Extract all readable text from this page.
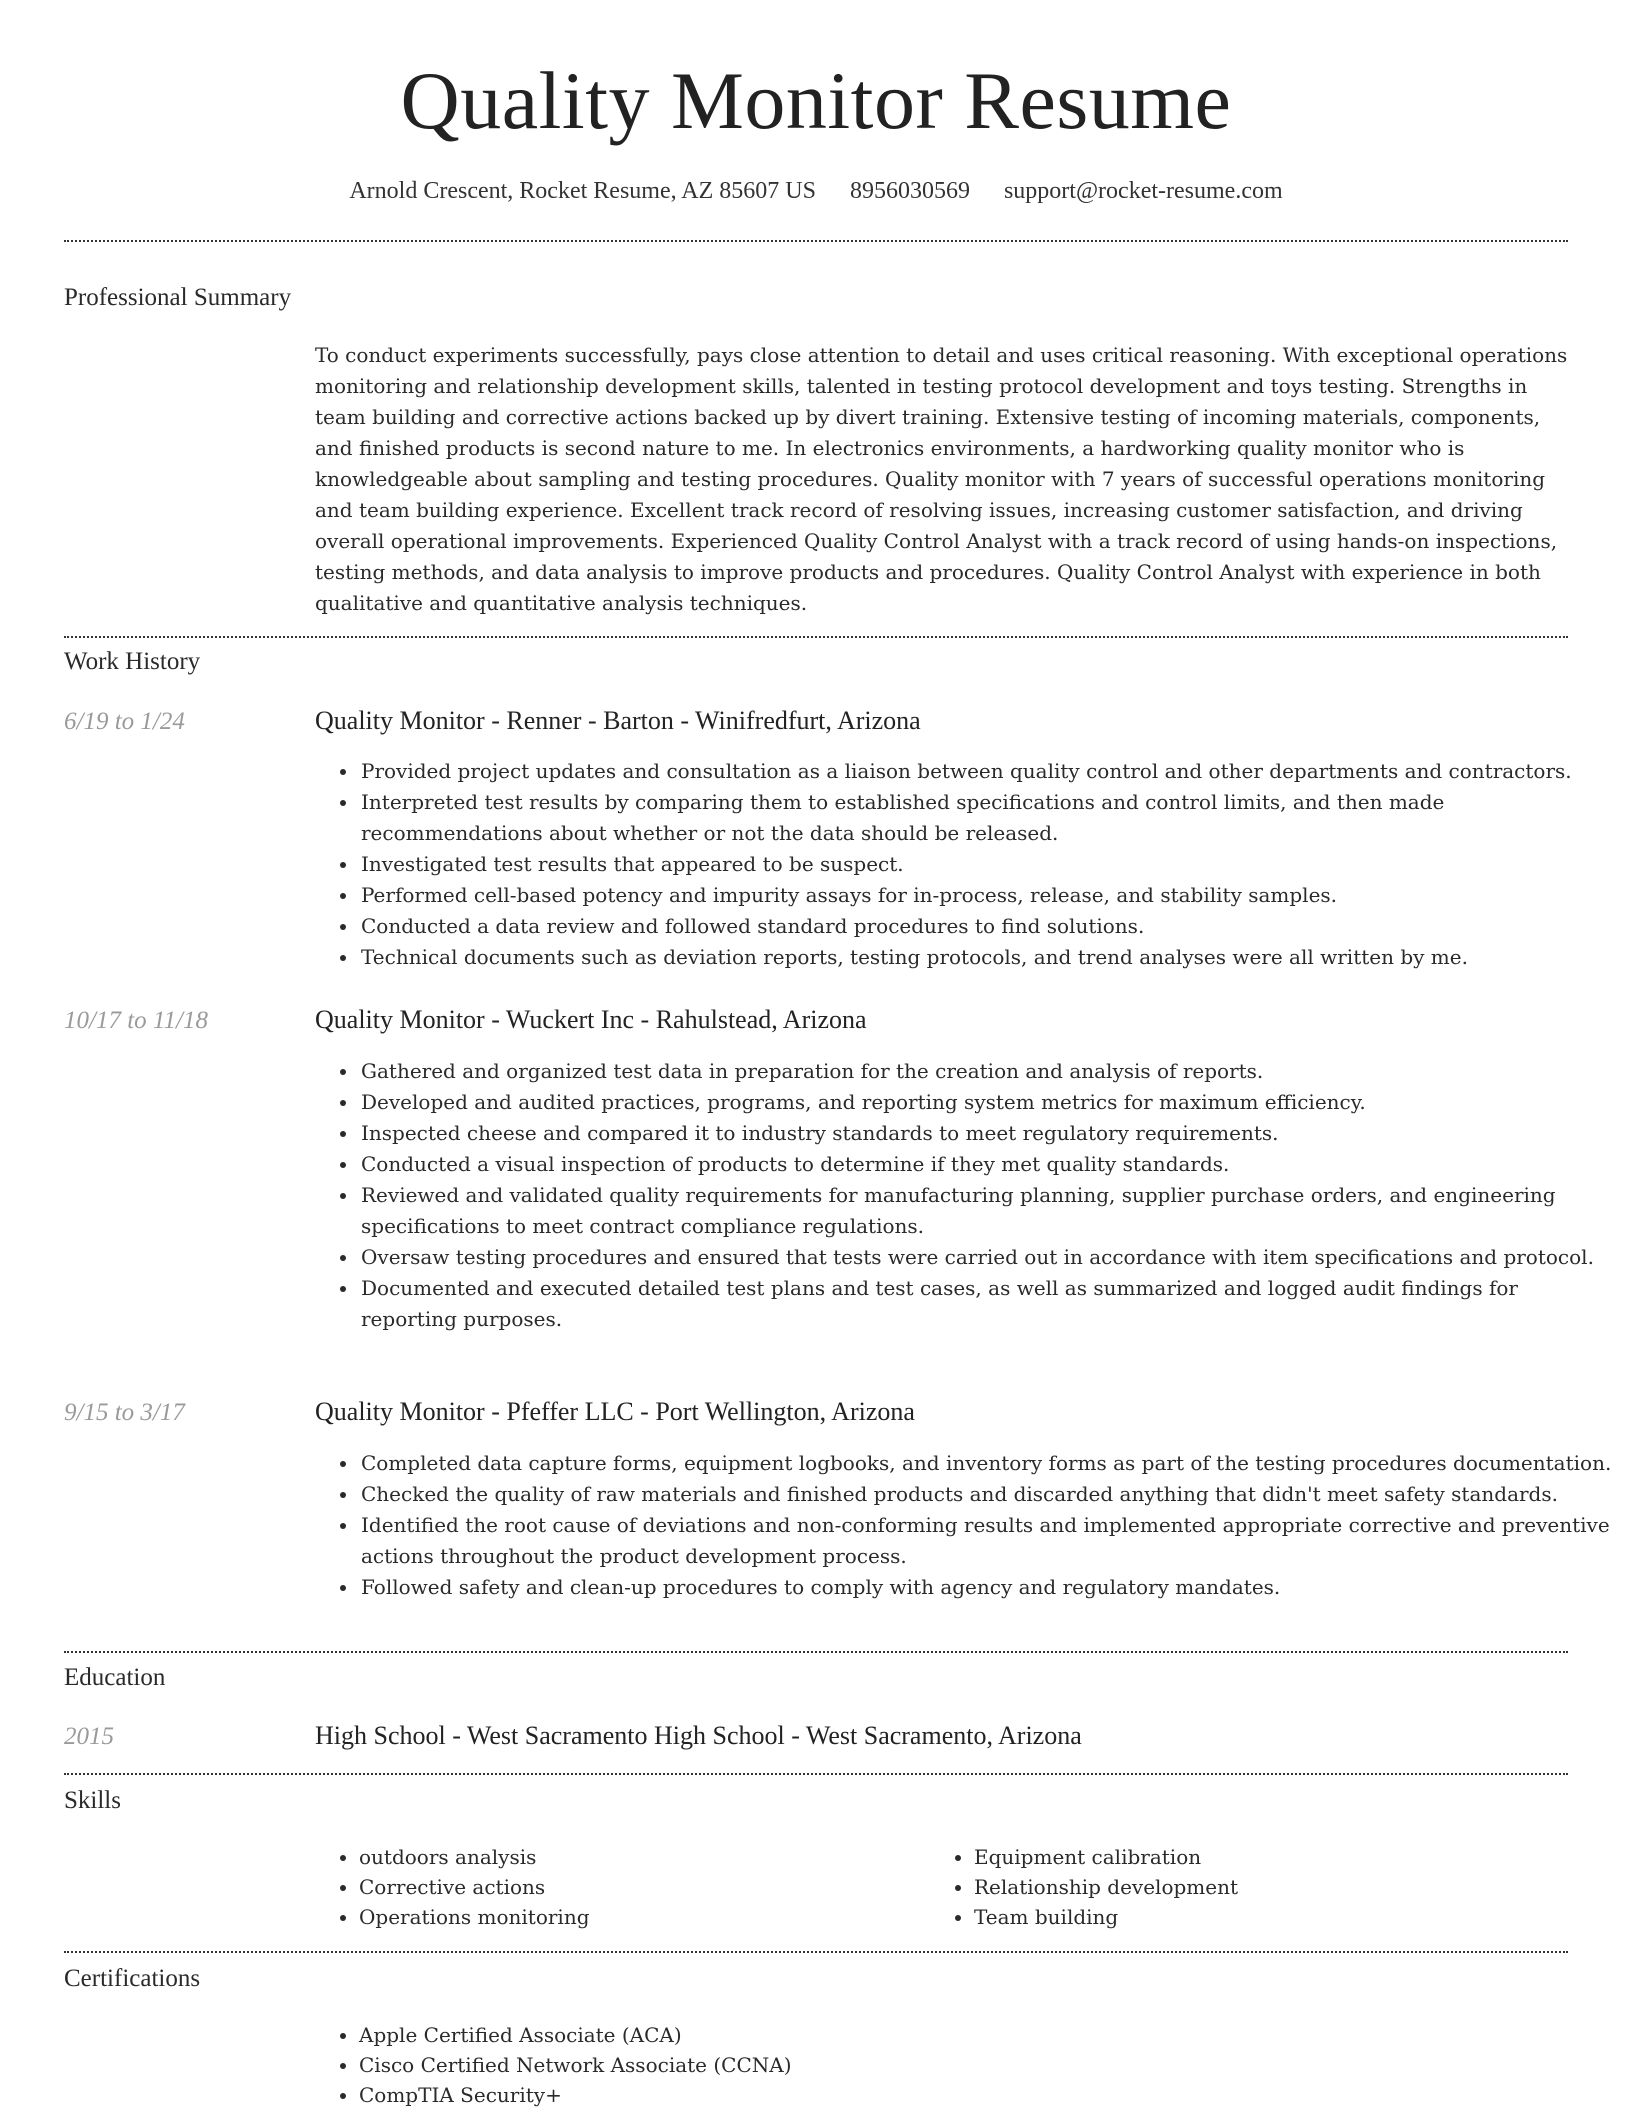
Quality Monitor Resume
Arnold Crescent, Rocket Resume, AZ 85607 US 8956030569 support@rocket-resume.com
Professional Summary
To conduct experiments successfully, pays close attention to detail and uses critical reasoning. With exceptional operations monitoring and relationship development skills, talented in testing protocol development and toys testing. Strengths in team building and corrective actions backed up by divert training. Extensive testing of incoming materials, components, and finished products is second nature to me. In electronics environments, a hardworking quality monitor who is knowledgeable about sampling and testing procedures. Quality monitor with 7 years of successful operations monitoring and team building experience. Excellent track record of resolving issues, increasing customer satisfaction, and driving overall operational improvements. Experienced Quality Control Analyst with a track record of using hands-on inspections, testing methods, and data analysis to improve products and procedures. Quality Control Analyst with experience in both qualitative and quantitative analysis techniques.
Work History
6/19 to 1/24	Quality Monitor - Renner - Barton - Winifredfurt, Arizona
• Provided project updates and consultation as a liaison between quality control and other departments and contractors.
• Interpreted test results by comparing them to established specifications and control limits, and then made recommendations about whether or not the data should be released.
• Investigated test results that appeared to be suspect.
• Performed cell-based potency and impurity assays for in-process, release, and stability samples.
• Conducted a data review and followed standard procedures to find solutions.
• Technical documents such as deviation reports, testing protocols, and trend analyses were all written by me.
10/17 to 11/18	Quality Monitor - Wuckert Inc - Rahulstead, Arizona
• Gathered and organized test data in preparation for the creation and analysis of reports.
• Developed and audited practices, programs, and reporting system metrics for maximum efficiency.
• Inspected cheese and compared it to industry standards to meet regulatory requirements.
• Conducted a visual inspection of products to determine if they met quality standards.
• Reviewed and validated quality requirements for manufacturing planning, supplier purchase orders, and engineering specifications to meet contract compliance regulations.
• Oversaw testing procedures and ensured that tests were carried out in accordance with item specifications and protocol.
• Documented and executed detailed test plans and test cases, as well as summarized and logged audit findings for reporting purposes.
9/15 to 3/17	Quality Monitor - Pfeffer LLC - Port Wellington, Arizona
• Completed data capture forms, equipment logbooks, and inventory forms as part of the testing procedures documentation.
• Checked the quality of raw materials and finished products and discarded anything that didn't meet safety standards.
• Identified the root cause of deviations and non-conforming results and implemented appropriate corrective and preventive actions throughout the product development process.
• Followed safety and clean-up procedures to comply with agency and regulatory mandates.
Education
2015	High School - West Sacramento High School - West Sacramento, Arizona
Skills
• outdoors analysis
• Corrective actions
• Operations monitoring
• Equipment calibration
• Relationship development
• Team building
Certifications
• Apple Certified Associate (ACA)
• Cisco Certified Network Associate (CCNA)
• CompTIA Security+
